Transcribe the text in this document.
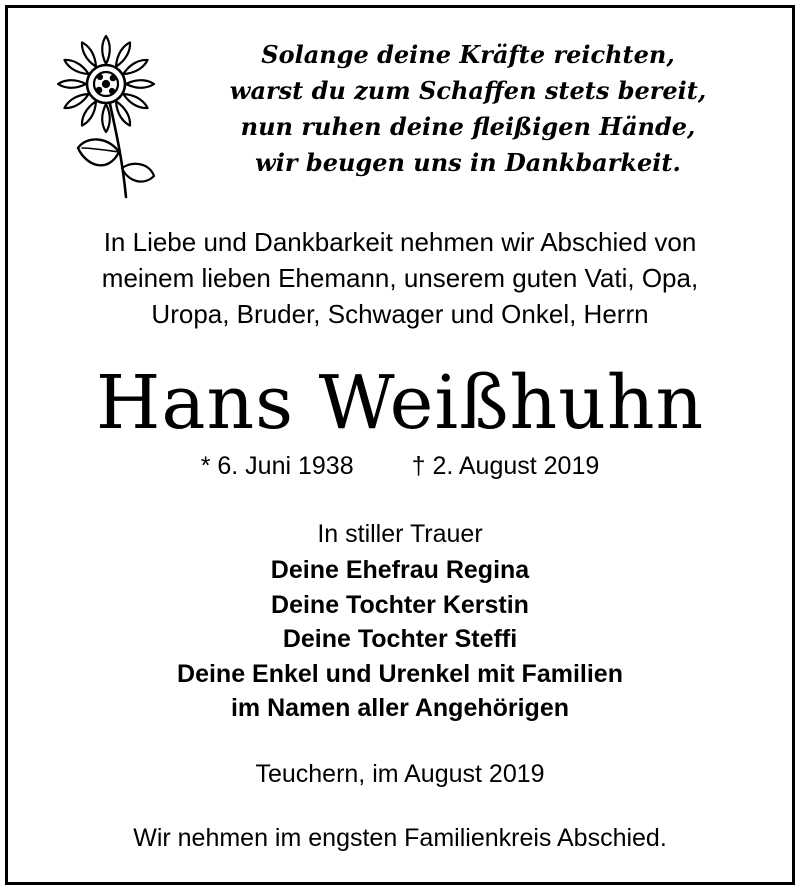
Solange deine Kräfte reichten,
warst du zum Schaffen stets bereit,
nun ruhen deine fleißigen Hände,
wir beugen uns in Dankbarkeit.
In Liebe und Dankbarkeit nehmen wir Abschied von
meinem lieben Ehemann, unserem guten Vati, Opa,
Uropa, Bruder, Schwager und Onkel, Herrn
Hans Weißhuhn
* 6. Juni 1938 † 2. August 2019
In stiller Trauer
Deine Ehefrau Regina
Deine Tochter Kerstin
Deine Tochter Steffi
Deine Enkel und Urenkel mit Familien
im Namen aller Angehörigen
Teuchern, im August 2019
Wir nehmen im engsten Familienkreis Abschied.
